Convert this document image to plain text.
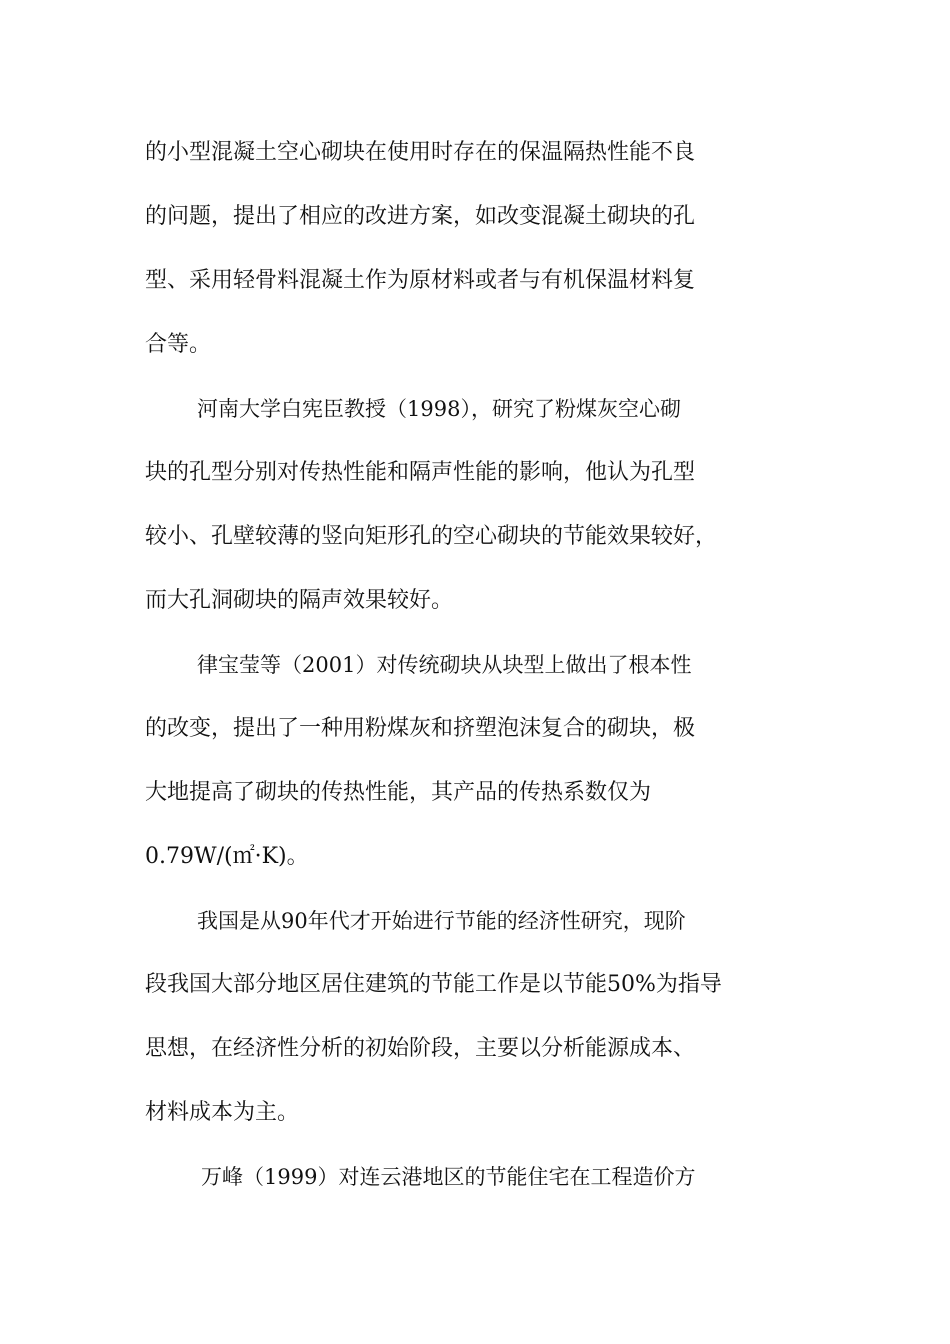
的小型混凝土空心砌块在使用时存在的保温隔热性能不良
的问题，提出了相应的改进方案，如改变混凝土砌块的孔
型、采用轻骨料混凝土作为原材料或者与有机保温材料复
合等。
河南大学白宪臣教授（1998），研究了粉煤灰空心砌
块的孔型分别对传热性能和隔声性能的影响，他认为孔型
较小、孔壁较薄的竖向矩形孔的空心砌块的节能效果较好，
而大孔洞砌块的隔声效果较好。
律宝莹等（2001）对传统砌块从块型上做出了根本性
的改变，提出了一种用粉煤灰和挤塑泡沫复合的砌块，极
大地提高了砌块的传热性能，其产品的传热系数仅为
0.79W/(㎡·K)。
我国是从90年代才开始进行节能的经济性研究，现阶
段我国大部分地区居住建筑的节能工作是以节能50%为指导
思想，在经济性分析的初始阶段，主要以分析能源成本、
材料成本为主。
万峰（1999）对连云港地区的节能住宅在工程造价方
